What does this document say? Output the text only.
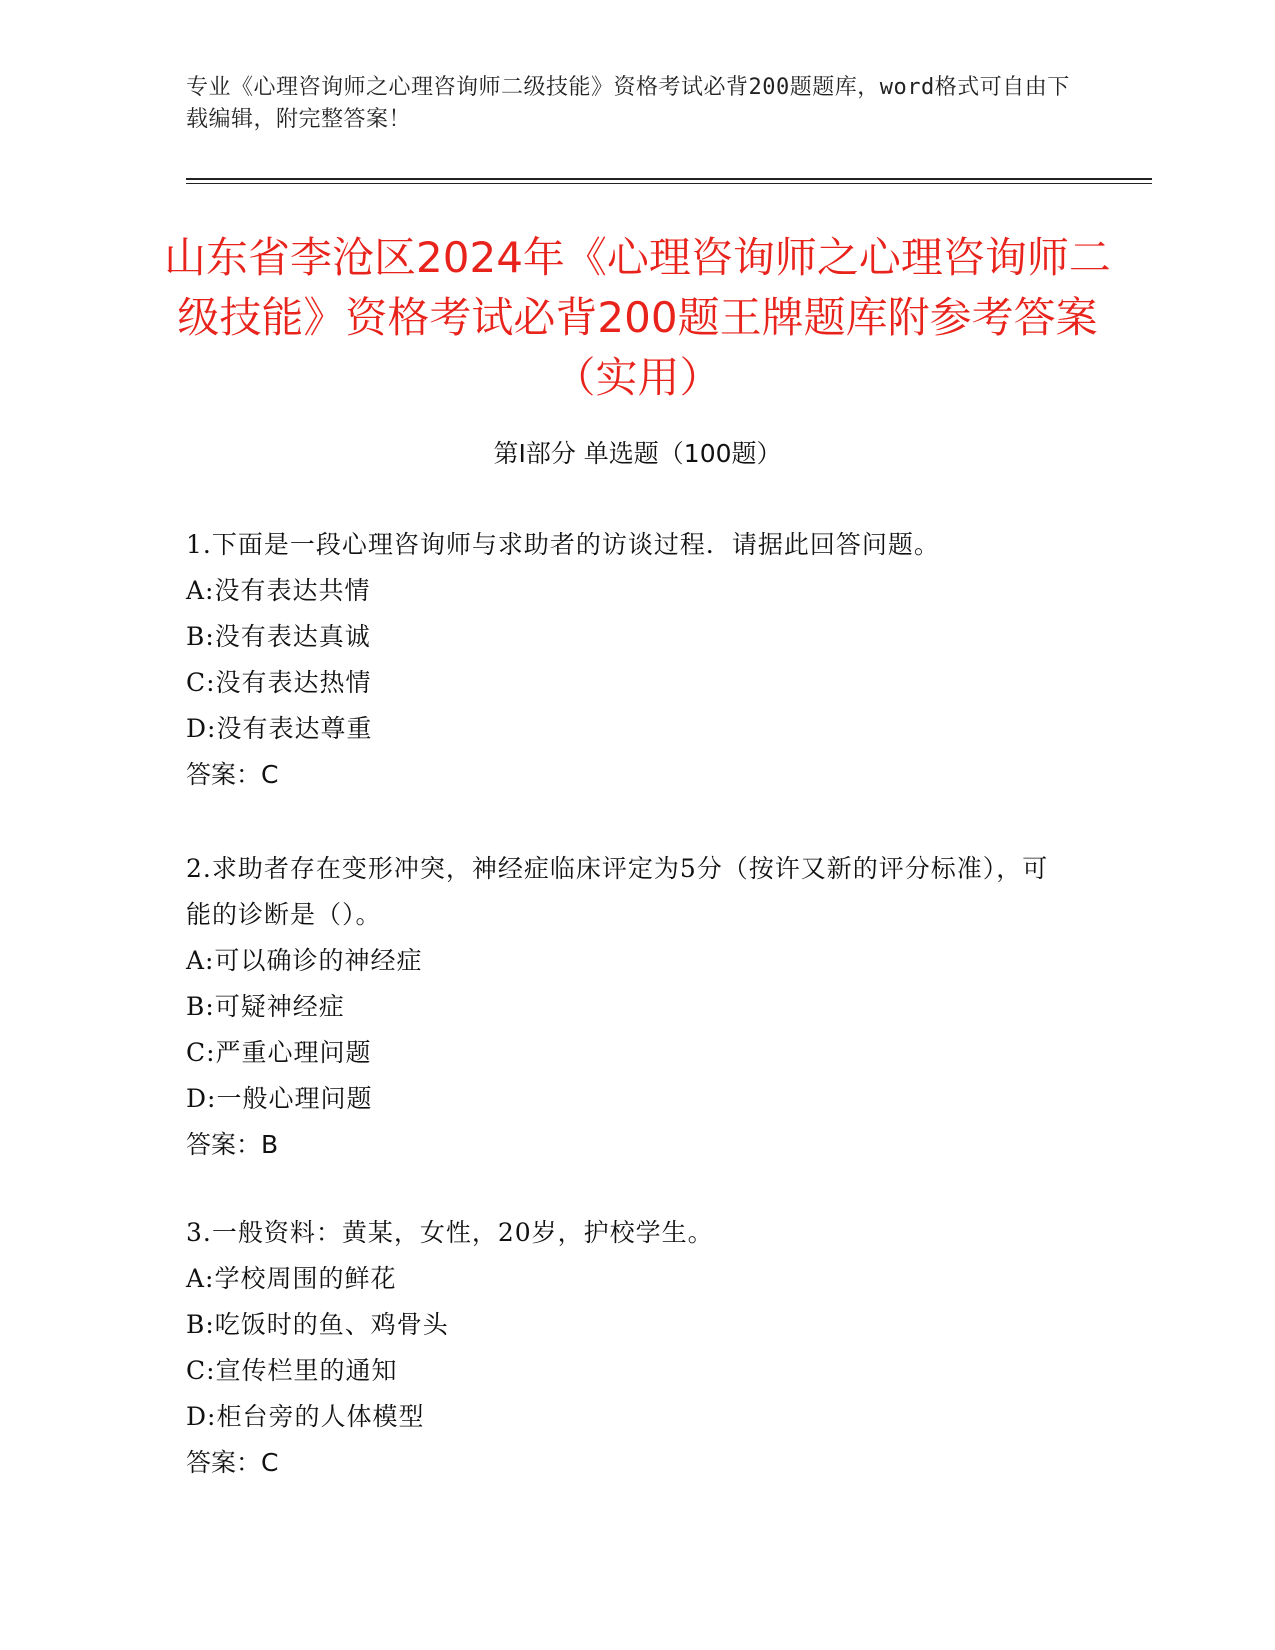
专业《心理咨询师之心理咨询师二级技能》资格考试必背200题题库，word格式可自由下载编辑，附完整答案！
山东省李沧区2024年《心理咨询师之心理咨询师二级技能》资格考试必背200题王牌题库附参考答案（实用）
第Ⅰ部分 单选题（100题）

1.下面是一段心理咨询师与求助者的访谈过程．请据此回答问题。

A:没有表达共情

B:没有表达真诚

C:没有表达热情

D:没有表达尊重

答案：C

2.求助者存在变形冲突，神经症临床评定为5分（按许又新的评分标准），可能的诊断是（）。

A:可以确诊的神经症

B:可疑神经症

C:严重心理问题

D:一般心理问题

答案：B

3.一般资料：黄某，女性，20岁，护校学生。

A:学校周围的鲜花

B:吃饭时的鱼、鸡骨头

C:宣传栏里的通知

D:柜台旁的人体模型

答案：C
